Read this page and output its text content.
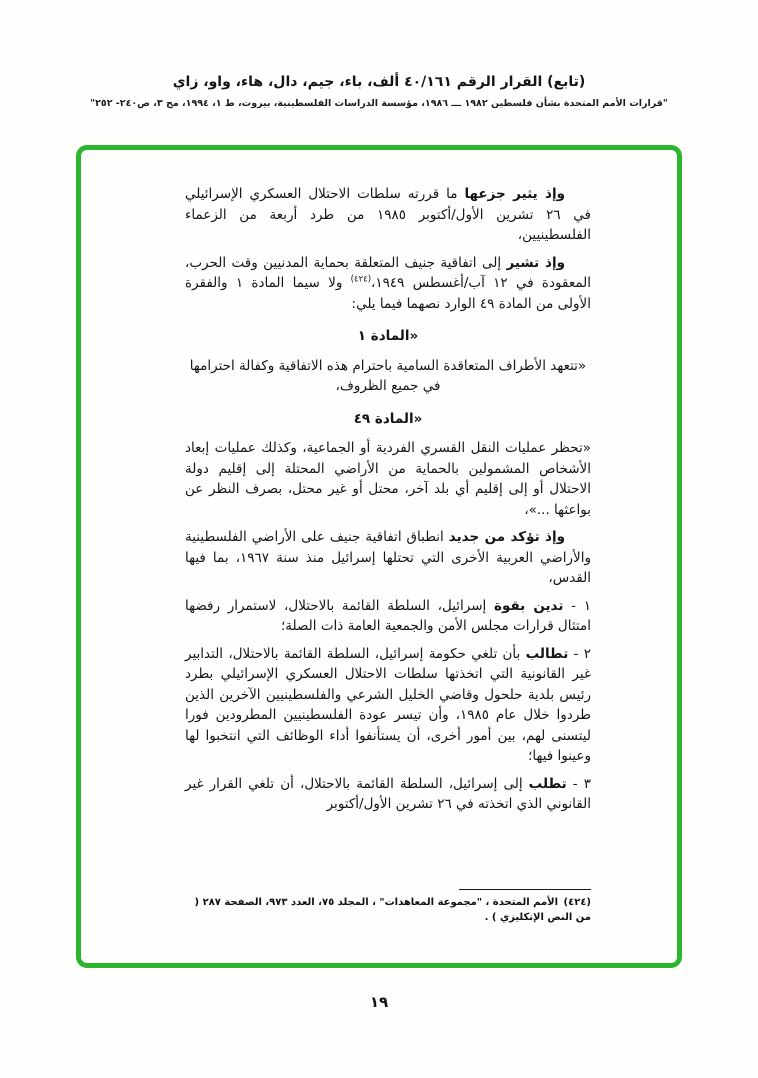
(تابع) القرار الرقم ٤٠/١٦١ ألف، باء، جيم، دال، هاء، واو، زاي
"قرارات الأمم المتحدة بشأن فلسطين ١٩٨٢ ـــ ١٩٨٦، مؤسسة الدراسات الفلسطينية، بيروت، ط ١، ١٩٩٤، مج ٣، ص٢٤٠- ٢٥٢"

وإذ يثير جزعها ما قررته سلطات الاحتلال العسكري الإسرائيلي في ٢٦ تشرين الأول/أكتوبر ١٩٨٥ من طرد أربعة من الزعماء الفلسطينيين،

وإذ تشير إلى اتفاقية جنيف المتعلقة بحماية المدنيين وقت الحرب، المعقودة في ١٢ آب/أغسطس ١٩٤٩،$^{(٤٢٤)}$ ولا سيما المادة ١ والفقرة الأولى من المادة ٤٩ الوارد نصهما فيما يلي:

«المادة ١

«تتعهد الأطراف المتعاقدة السامية باحترام هذه الاتفاقية وكفالة احترامها في جميع الظروف،

«المادة ٤٩

«تحظر عمليات النقل القسري الفردية أو الجماعية، وكذلك عمليات إبعاد الأشخاص المشمولين بالحماية من الأراضي المحتلة إلى إقليم دولة الاحتلال أو إلى إقليم أي بلد آخر، محتل أو غير محتل، بصرف النظر عن بواعثها ...»،

وإذ تؤكد من جديد انطباق اتفاقية جنيف على الأراضي الفلسطينية والأراضي العربية الأخرى التي تحتلها إسرائيل منذ سنة ١٩٦٧، بما فيها القدس،

١ - تدين بقوة إسرائيل، السلطة القائمة بالاحتلال، لاستمرار رفضها امتثال قرارات مجلس الأمن والجمعية العامة ذات الصلة؛

٢ - تطالب بأن تلغي حكومة إسرائيل، السلطة القائمة بالاحتلال، التدابير غير القانونية التي اتخذتها سلطات الاحتلال العسكري الإسرائيلي بطرد رئيس بلدية حلحول وقاضي الخليل الشرعي والفلسطينيين الآخرين الذين طردوا خلال عام ١٩٨٥، وأن تيسر عودة الفلسطينيين المطرودين فورا ليتسنى لهم، بين أمور أخرى، أن يستأنفوا أداء الوظائف التي انتخبوا لها وعينوا فيها؛

٣ - تطلب إلى إسرائيل، السلطة القائمة بالاحتلال، أن تلغي القرار غير القانوني الذي اتخذته في ٢٦ تشرين الأول/أكتوبر

(٤٢٤) الأمم المتحدة ، "مجموعة المعاهدات" ، المجلد ٧٥، العدد ٩٧٣، الصفحة ٢٨٧ ( من النص الإنكليزي ) .
١٩
